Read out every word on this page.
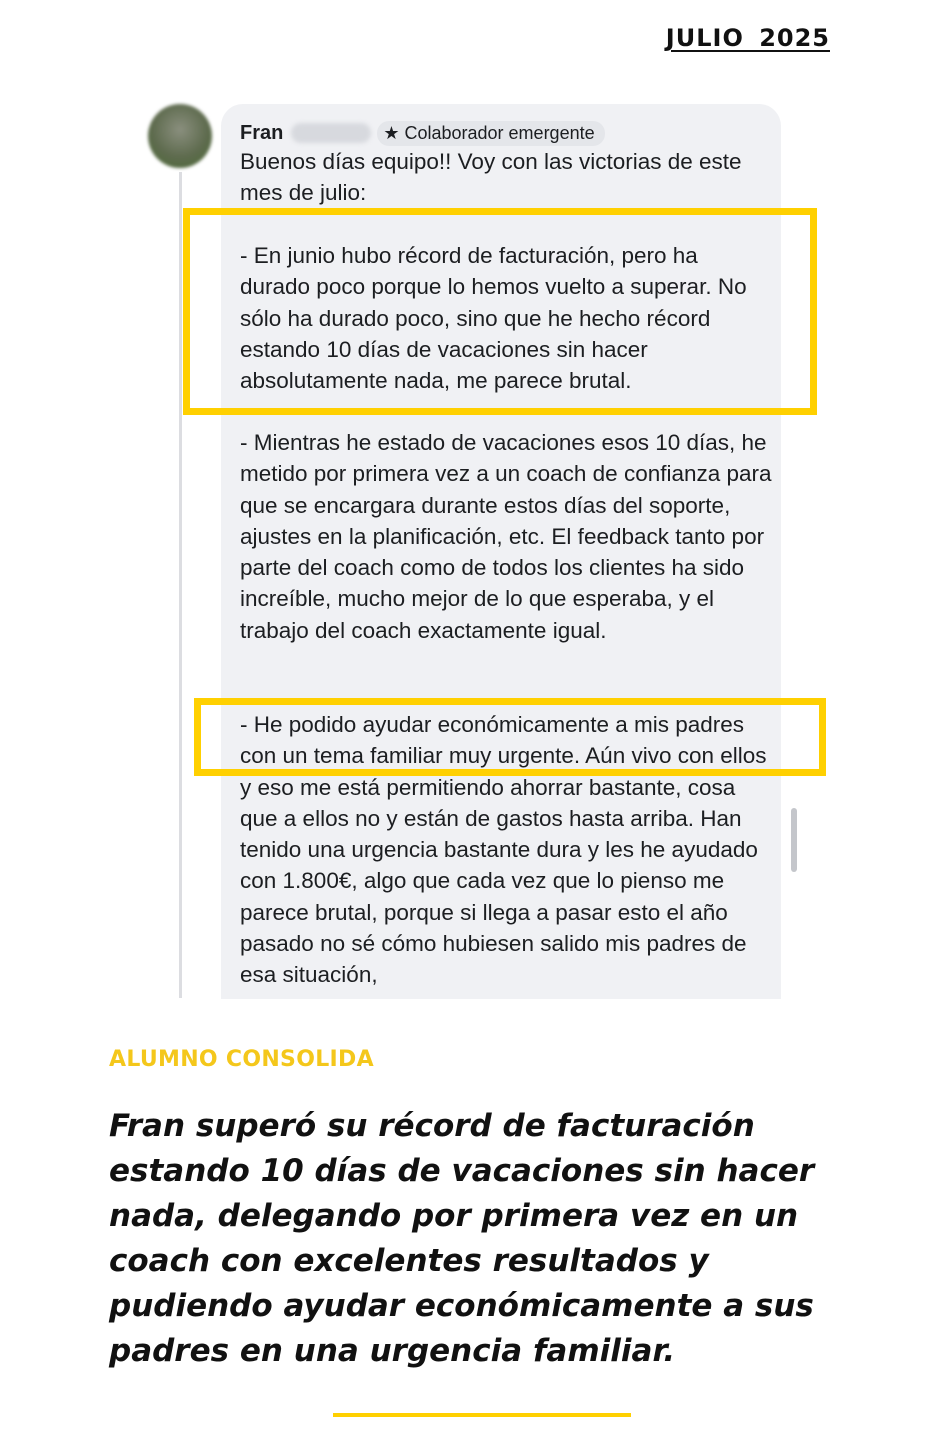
JULIO 2025
Fran	★ Colaborador emergente

Buenos días equipo!! Voy con las victorias de este mes de julio:

- En junio hubo récord de facturación, pero ha durado poco porque lo hemos vuelto a superar. No sólo ha durado poco, sino que he hecho récord estando 10 días de vacaciones sin hacer absolutamente nada, me parece brutal.

- Mientras he estado de vacaciones esos 10 días, he metido por primera vez a un coach de confianza para que se encargara durante estos días del soporte, ajustes en la planificación, etc. El feedback tanto por parte del coach como de todos los clientes ha sido increíble, mucho mejor de lo que esperaba, y el trabajo del coach exactamente igual.

- He podido ayudar económicamente a mis padres con un tema familiar muy urgente. Aún vivo con ellos y eso me está permitiendo ahorrar bastante, cosa que a ellos no y están de gastos hasta arriba. Han tenido una urgencia bastante dura y les he ayudado con 1.800€, algo que cada vez que lo pienso me parece brutal, porque si llega a pasar esto el año pasado no sé cómo hubiesen salido mis padres de esa situación,

ALUMNO CONSOLIDA

Fran superó su récord de facturación estando 10 días de vacaciones sin hacer nada, delegando por primera vez en un coach con excelentes resultados y pudiendo ayudar económicamente a sus padres en una urgencia familiar.
